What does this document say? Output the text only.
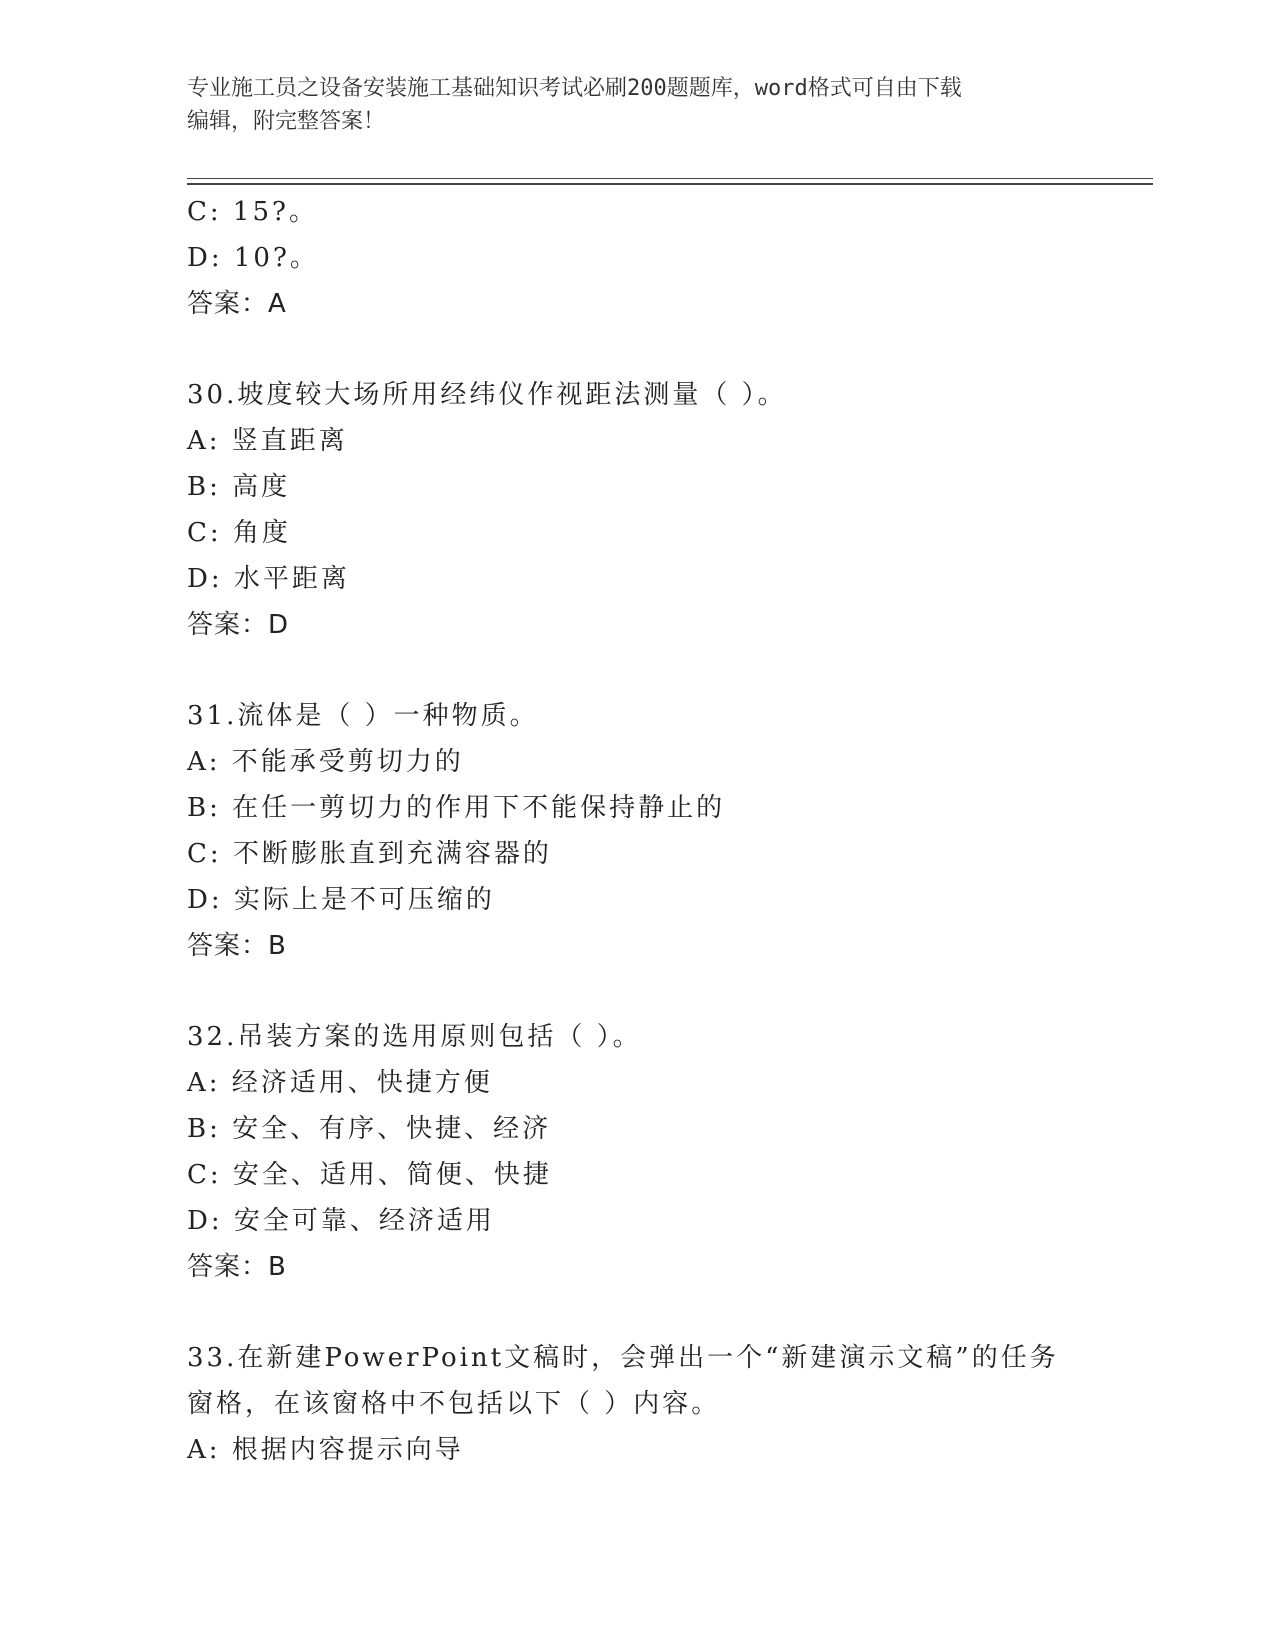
专业施工员之设备安装施工基础知识考试必刷200题题库，word格式可自由下载
编辑，附完整答案！
C: 15?。
D: 10?。
答案：A
30.坡度较大场所用经纬仪作视距法测量（ ）。
A: 竖直距离
B: 高度
C: 角度
D: 水平距离
答案：D
31.流体是（ ）一种物质。
A: 不能承受剪切力的
B: 在任一剪切力的作用下不能保持静止的
C: 不断膨胀直到充满容器的
D: 实际上是不可压缩的
答案：B
32.吊装方案的选用原则包括（ ）。
A: 经济适用、快捷方便
B: 安全、有序、快捷、经济
C: 安全、适用、简便、快捷
D: 安全可靠、经济适用
答案：B
33.在新建PowerPoint文稿时，会弹出一个“新建演示文稿”的任务
窗格，在该窗格中不包括以下（ ）内容。
A: 根据内容提示向导
